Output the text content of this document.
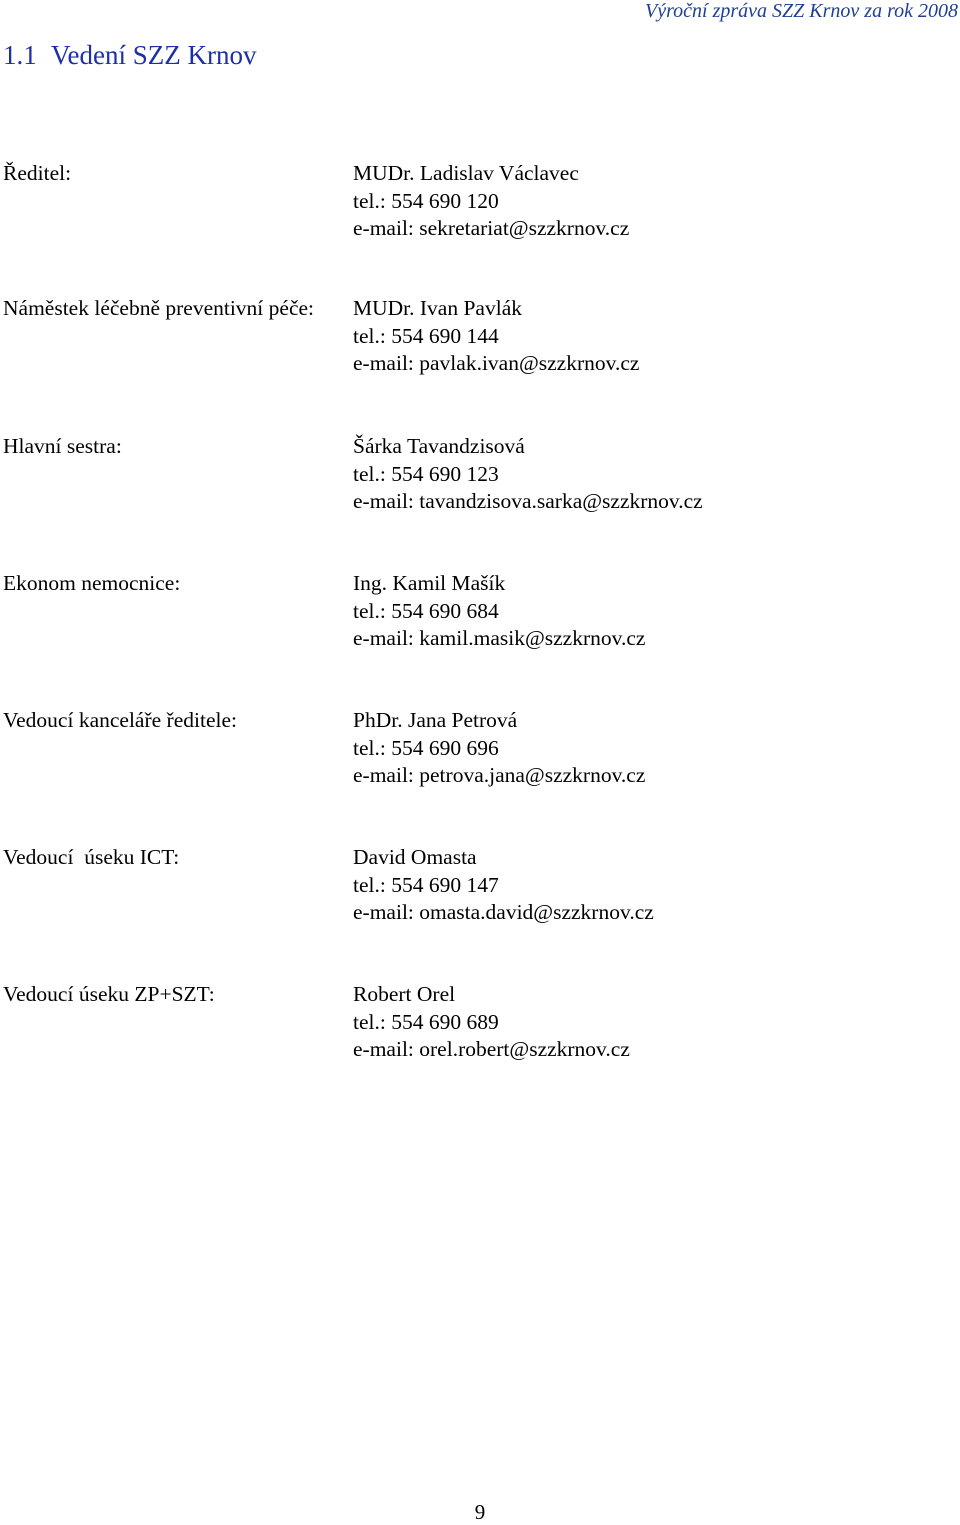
Výroční zpráva SZZ Krnov za rok 2008
1.1 Vedení SZZ Krnov
Ředitel:	MUDr. Ladislav Václavec
tel.: 554 690 120
e-mail: sekretariat@szzkrnov.cz
Náměstek léčebně preventivní péče: MUDr. Ivan Pavlák
tel.: 554 690 144
e-mail: pavlak.ivan@szzkrnov.cz
Hlavní sestra:	Šárka Tavandzisová
tel.: 554 690 123
e-mail: tavandzisova.sarka@szzkrnov.cz
Ekonom nemocnice:	Ing. Kamil Mašík
tel.: 554 690 684
e-mail: kamil.masik@szzkrnov.cz
Vedoucí kanceláře ředitele:	PhDr. Jana Petrová
tel.: 554 690 696
e-mail: petrova.jana@szzkrnov.cz
Vedoucí  úseku ICT:	David Omasta
tel.: 554 690 147
e-mail: omasta.david@szzkrnov.cz
Vedoucí úseku ZP+SZT:	Robert Orel
tel.: 554 690 689
e-mail: orel.robert@szzkrnov.cz
9
